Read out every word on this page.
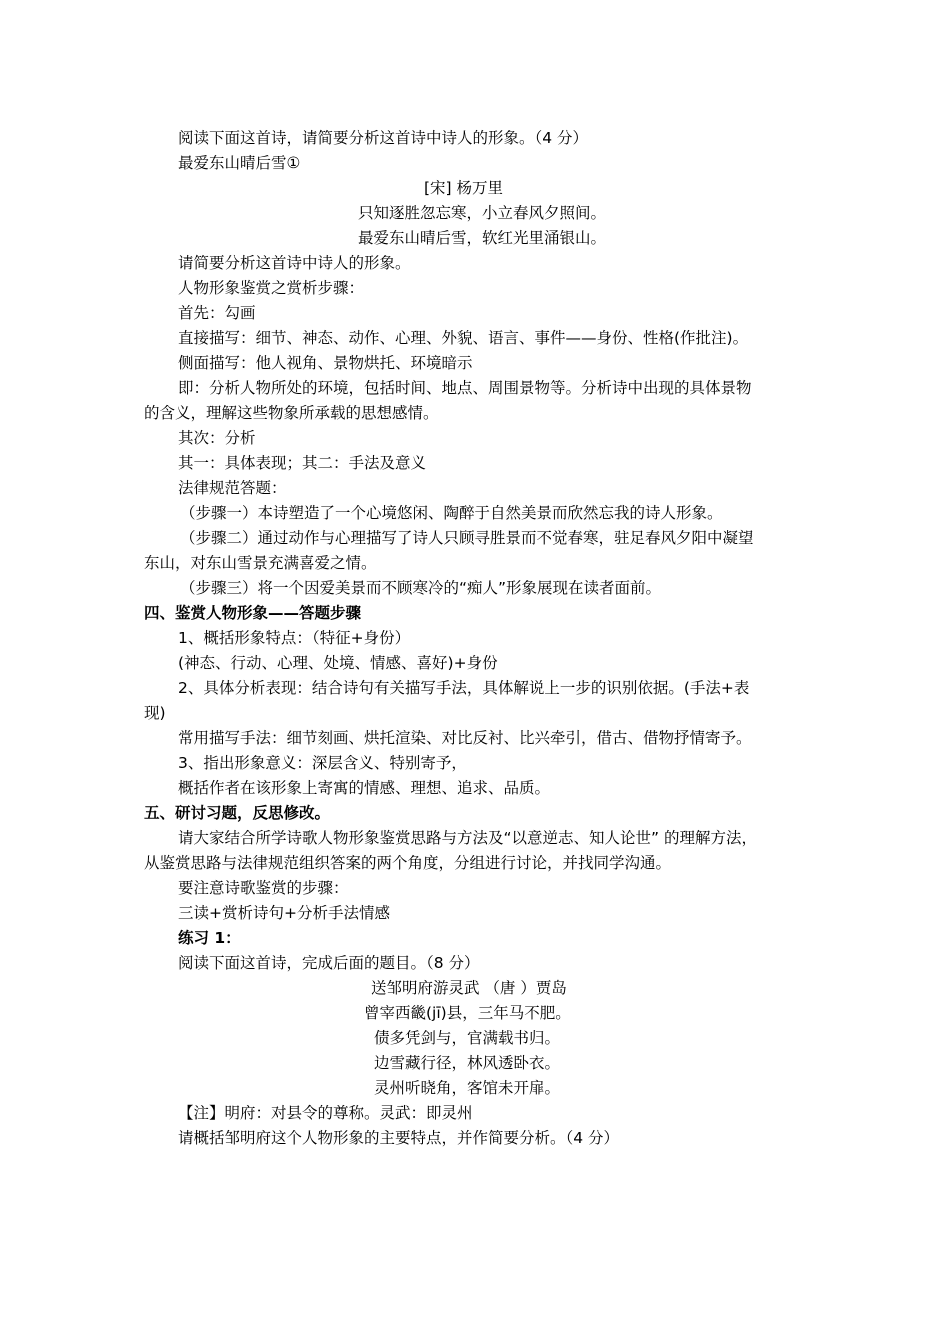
阅读下面这首诗，请简要分析这首诗中诗人的形象。（4 分）
最爱东山晴后雪①
[宋] 杨万里
只知逐胜忽忘寒，小立春风夕照间。
最爱东山晴后雪，软红光里涌银山。
请简要分析这首诗中诗人的形象。
人物形象鉴赏之赏析步骤：
首先：勾画
直接描写：细节、神态、动作、心理、外貌、语言、事件——身份、性格(作批注)。
侧面描写：他人视角、景物烘托、环境暗示
即：分析人物所处的环境，包括时间、地点、周围景物等。分析诗中出现的具体景物
的含义，理解这些物象所承载的思想感情。
其次：分析
其一：具体表现；其二：手法及意义
法律规范答题：
（步骤一）本诗塑造了一个心境悠闲、陶醉于自然美景而欣然忘我的诗人形象。
（步骤二）通过动作与心理描写了诗人只顾寻胜景而不觉春寒，驻足春风夕阳中凝望
东山，对东山雪景充满喜爱之情。
（步骤三）将一个因爱美景而不顾寒冷的“痴人”形象展现在读者面前。
四、鉴赏人物形象——答题步骤
1、概括形象特点：（特征+身份）
(神态、行动、心理、处境、情感、喜好)+身份
2、具体分析表现：结合诗句有关描写手法，具体解说上一步的识别依据。(手法+表
现)
常用描写手法：细节刻画、烘托渲染、对比反衬、比兴牵引，借古、借物抒情寄予。
3、指出形象意义：深层含义、特别寄予，
概括作者在该形象上寄寓的情感、理想、追求、品质。
五、研讨习题，反思修改。
请大家结合所学诗歌人物形象鉴赏思路与方法及“以意逆志、知人论世” 的理解方法，
从鉴赏思路与法律规范组织答案的两个角度，分组进行讨论，并找同学沟通。
要注意诗歌鉴赏的步骤：
三读+赏析诗句+分析手法情感
练习 1：
阅读下面这首诗，完成后面的题目。（8 分）
送邹明府游灵武 （唐 ）贾岛
曾宰西畿(jī)县，三年马不肥。
债多凭剑与，官满载书归。
边雪藏行径，林风透卧衣。
灵州听晓角，客馆未开扉。
【注】明府：对县令的尊称。灵武：即灵州
请概括邹明府这个人物形象的主要特点，并作简要分析。（4 分）
